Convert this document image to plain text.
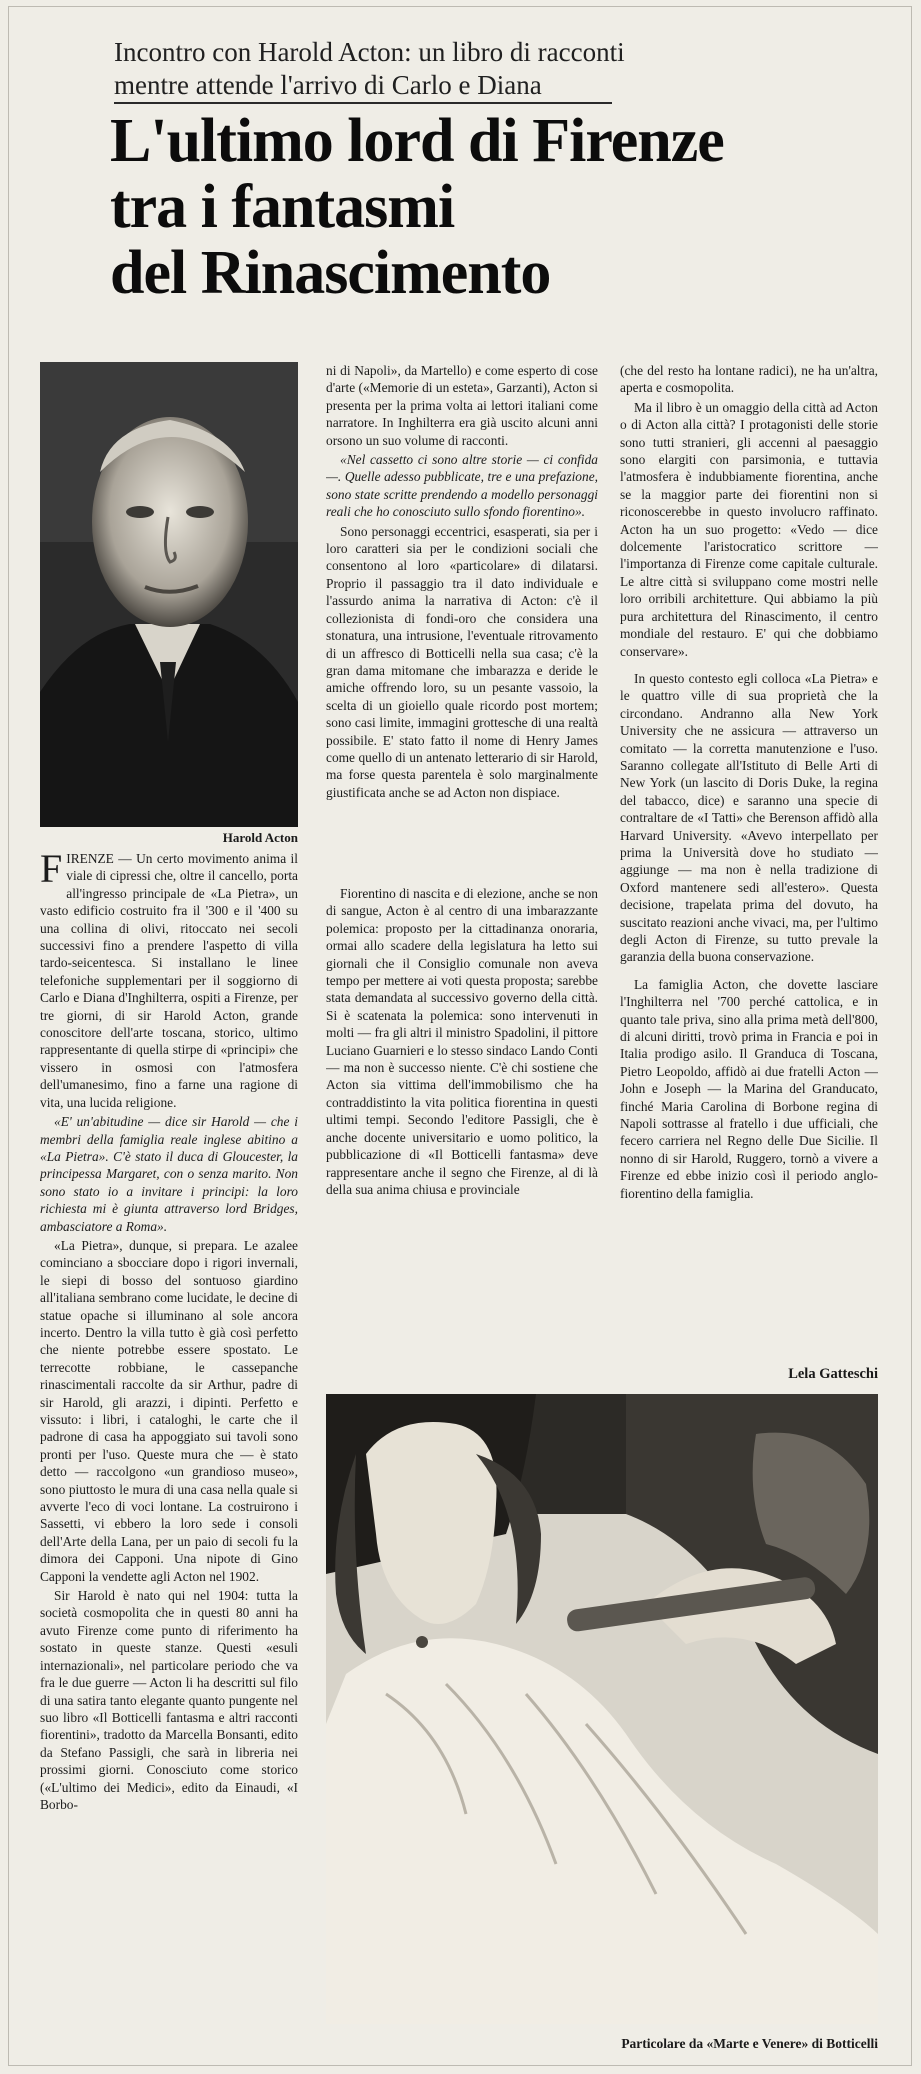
Incontro con Harold Acton: un libro di racconti
mentre attende l'arrivo di Carlo e Diana
L'ultimo lord di Firenze
tra i fantasmi
del Rinascimento
Harold Acton

FIRENZE — Un certo movimento anima il viale di cipressi che, oltre il cancello, porta all'ingresso principale de «La Pietra», un vasto edificio costruito fra il '300 e il '400 su una collina di olivi, ritoccato nei secoli successivi fino a prendere l'aspetto di villa tardo-seicentesca. Si installano le linee telefoniche supplementari per il soggiorno di Carlo e Diana d'Inghilterra, ospiti a Firenze, per tre giorni, di sir Harold Acton, grande conoscitore dell'arte toscana, storico, ultimo rappresentante di quella stirpe di «principi» che vissero in osmosi con l'atmosfera dell'umanesimo, fino a farne una ragione di vita, una lucida religione.

«E' un'abitudine — dice sir Harold — che i membri della famiglia reale inglese abitino a «La Pietra». C'è stato il duca di Gloucester, la principessa Margaret, con o senza marito. Non sono stato io a invitare i principi: la loro richiesta mi è giunta attraverso lord Bridges, ambasciatore a Roma».

«La Pietra», dunque, si prepara. Le azalee cominciano a sbocciare dopo i rigori invernali, le siepi di bosso del sontuoso giardino all'italiana sembrano come lucidate, le decine di statue opache si illuminano al sole ancora incerto. Dentro la villa tutto è già così perfetto che niente potrebbe essere spostato. Le terrecotte robbiane, le cassepanche rinascimentali raccolte da sir Arthur, padre di sir Harold, gli arazzi, i dipinti. Perfetto e vissuto: i libri, i cataloghi, le carte che il padrone di casa ha appoggiato sui tavoli sono pronti per l'uso. Queste mura che — è stato detto — raccolgono «un grandioso museo», sono piuttosto le mura di una casa nella quale si avverte l'eco di voci lontane. La costruirono i Sassetti, vi ebbero la loro sede i consoli dell'Arte della Lana, per un paio di secoli fu la dimora dei Capponi. Una nipote di Gino Capponi la vendette agli Acton nel 1902.

Sir Harold è nato qui nel 1904: tutta la società cosmopolita che in questi 80 anni ha avuto Firenze come punto di riferimento ha sostato in queste stanze. Questi «esuli internazionali», nel particolare periodo che va fra le due guerre — Acton li ha descritti sul filo di una satira tanto elegante quanto pungente nel suo libro «Il Botticelli fantasma e altri racconti fiorentini», tradotto da Marcella Bonsanti, edito da Stefano Passigli, che sarà in libreria nei prossimi giorni. Conosciuto come storico («L'ultimo dei Medici», edito da Einaudi, «I Borbo-

ni di Napoli», da Martello) e come esperto di cose d'arte («Memorie di un esteta», Garzanti), Acton si presenta per la prima volta ai lettori italiani come narratore. In Inghilterra era già uscito alcuni anni orsono un suo volume di racconti.

«Nel cassetto ci sono altre storie — ci confida —. Quelle adesso pubblicate, tre e una prefazione, sono state scritte prendendo a modello personaggi reali che ho conosciuto sullo sfondo fiorentino».

Sono personaggi eccentrici, esasperati, sia per i loro caratteri sia per le condizioni sociali che consentono al loro «particolare» di dilatarsi. Proprio il passaggio tra il dato individuale e l'assurdo anima la narrativa di Acton: c'è il collezionista di fondi-oro che considera una stonatura, una intrusione, l'eventuale ritrovamento di un affresco di Botticelli nella sua casa; c'è la gran dama mitomane che imbarazza e deride le amiche offrendo loro, su un pesante vassoio, la scelta di un gioiello quale ricordo post mortem; sono casi limite, immagini grottesche di una realtà possibile. E' stato fatto il nome di Henry James come quello di un antenato letterario di sir Harold, ma forse questa parentela è solo marginalmente giustificata anche se ad Acton non dispiace.

Fiorentino di nascita e di elezione, anche se non di sangue, Acton è al centro di una imbarazzante polemica: proposto per la cittadinanza onoraria, ormai allo scadere della legislatura ha letto sui giornali che il Consiglio comunale non aveva tempo per mettere ai voti questa proposta; sarebbe stata demandata al successivo governo della città. Si è scatenata la polemica: sono intervenuti in molti — fra gli altri il ministro Spadolini, il pittore Luciano Guarnieri e lo stesso sindaco Lando Conti — ma non è successo niente. C'è chi sostiene che Acton sia vittima dell'immobilismo che ha contraddistinto la vita politica fiorentina in questi ultimi tempi. Secondo l'editore Passigli, che è anche docente universitario e uomo politico, la pubblicazione di «Il Botticelli fantasma» deve rappresentare anche il segno che Firenze, al di là della sua anima chiusa e provinciale

(che del resto ha lontane radici), ne ha un'altra, aperta e cosmopolita.

Ma il libro è un omaggio della città ad Acton o di Acton alla città? I protagonisti delle storie sono tutti stranieri, gli accenni al paesaggio sono elargiti con parsimonia, e tuttavia l'atmosfera è indubbiamente fiorentina, anche se la maggior parte dei fiorentini non si riconoscerebbe in questo involucro raffinato. Acton ha un suo progetto: «Vedo — dice dolcemente l'aristocratico scrittore — l'importanza di Firenze come capitale culturale. Le altre città si sviluppano come mostri nelle loro orribili architetture. Qui abbiamo la più pura architettura del Rinascimento, il centro mondiale del restauro. E' qui che dobbiamo conservare».

In questo contesto egli colloca «La Pietra» e le quattro ville di sua proprietà che la circondano. Andranno alla New York University che ne assicura — attraverso un comitato — la corretta manutenzione e l'uso. Saranno collegate all'Istituto di Belle Arti di New York (un lascito di Doris Duke, la regina del tabacco, dice) e saranno una specie di contraltare de «I Tatti» che Berenson affidò alla Harvard University. «Avevo interpellato per prima la Università dove ho studiato — aggiunge — ma non è nella tradizione di Oxford mantenere sedi all'estero». Questa decisione, trapelata prima del dovuto, ha suscitato reazioni anche vivaci, ma, per l'ultimo degli Acton di Firenze, su tutto prevale la garanzia della buona conservazione.

La famiglia Acton, che dovette lasciare l'Inghilterra nel '700 perché cattolica, e in quanto tale priva, sino alla prima metà dell'800, di alcuni diritti, trovò prima in Francia e poi in Italia prodigo asilo. Il Granduca di Toscana, Pietro Leopoldo, affidò ai due fratelli Acton — John e Joseph — la Marina del Granducato, finché Maria Carolina di Borbone regina di Napoli sottrasse al fratello i due ufficiali, che fecero carriera nel Regno delle Due Sicilie. Il nonno di sir Harold, Ruggero, tornò a vivere a Firenze ed ebbe inizio così il periodo anglo-fiorentino della famiglia.

Lela Gatteschi
Particolare da «Marte e Venere» di Botticelli
